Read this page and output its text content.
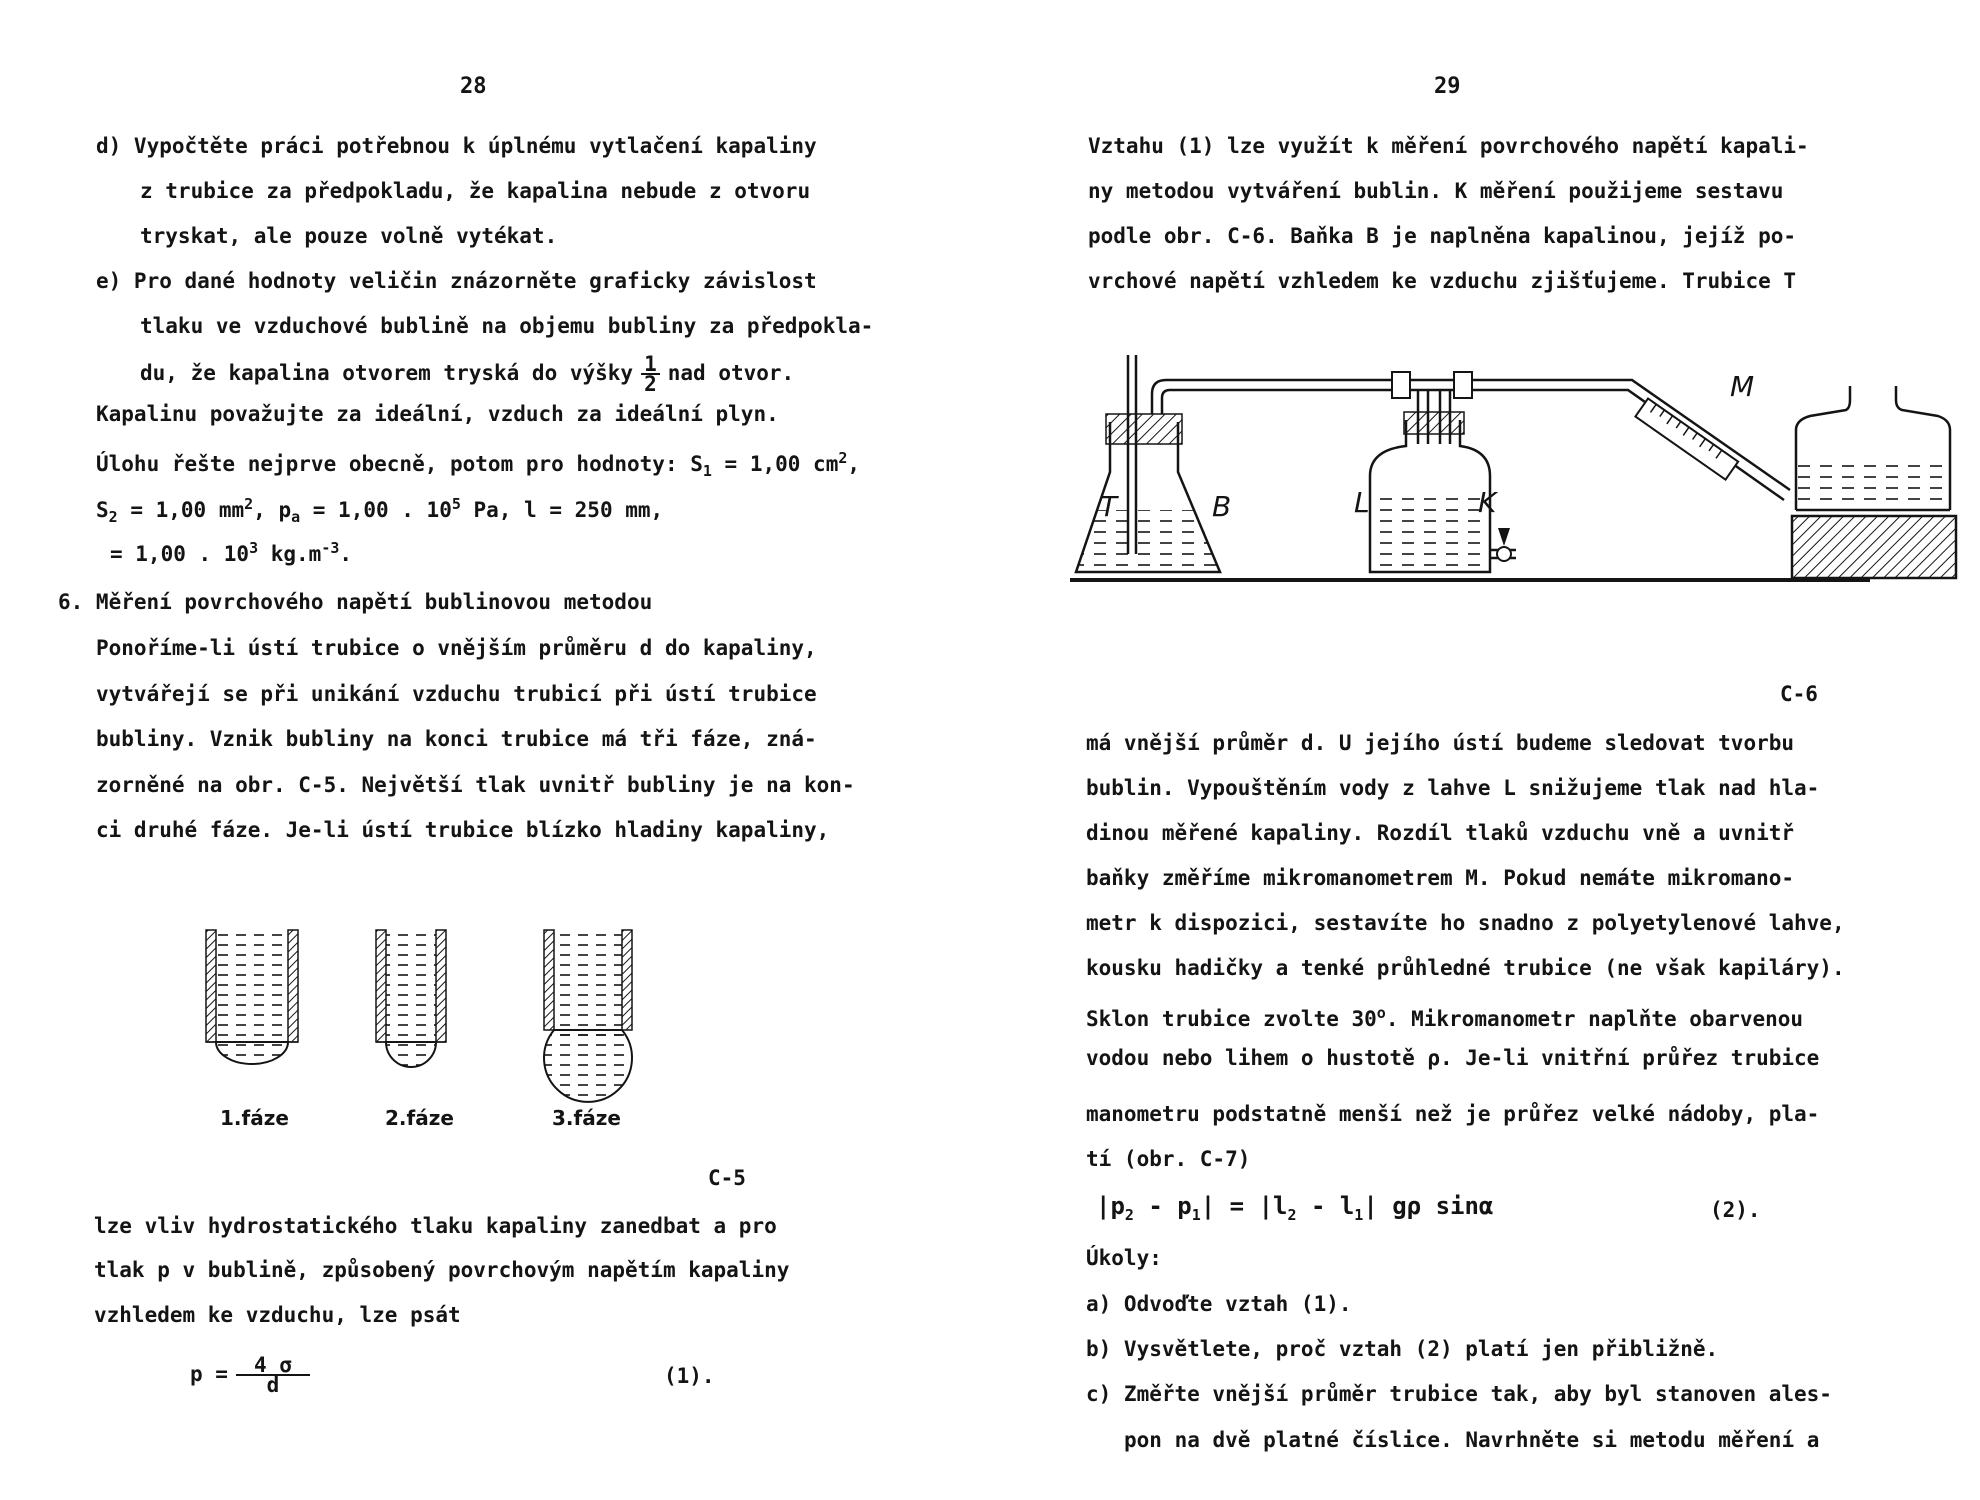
28
d) Vypočtěte práci potřebnou k úplnému vytlačení kapaliny
z trubice za předpokladu, že kapalina nebude z otvoru
tryskat, ale pouze volně vytékat.
e) Pro dané hodnoty veličin znázorněte graficky závislost
tlaku ve vzduchové bublině na objemu bubliny za předpokla-
du, že kapalina otvorem tryská do výšky $\frac{1}{2}$ nad otvor.
Kapalinu považujte za ideální, vzduch za ideální plyn.
Úlohu řešte nejprve obecně, potom pro hodnoty: $S_1 = 1,00$ $cm^2$,
$S_2 = 1,00$ $mm^2$, $p_a = 1,00$ . $10^5$ Pa, l = 250 mm,
= 1,00 . $10^3$ $kg.m^{-3}$.
6. Měření povrchového napětí bublinovou metodou
Ponoříme-li ústí trubice o vnějším průměru d do kapaliny,
vytvářejí se při unikání vzduchu trubicí při ústí trubice
bubliny. Vznik bubliny na konci trubice má tři fáze, zná-
zorněné na obr. C-5. Největší tlak uvnitř bubliny je na kon-
ci druhé fáze. Je-li ústí trubice blízko hladiny kapaliny,
1.fáze	2.fáze	3.fáze
C-5
lze vliv hydrostatického tlaku kapaliny zanedbat a pro
tlak p v bublině, způsobený povrchovým napětím kapaliny
vzhledem ke vzduchu, lze psát
$p = \frac{4 \sigma}{d}$	(1).
29
Vztahu (1) lze využít k měření povrchového napětí kapali-
ny metodou vytváření bublin. K měření použijeme sestavu
podle obr. C-6. Baňka B je naplněna kapalinou, jejíž po-
vrchové napětí vzhledem ke vzduchu zjišťujeme. Trubice T
T	B	L	K
M
C-6
má vnější průměr d. U jejího ústí budeme sledovat tvorbu
bublin. Vypouštěním vody z lahve L snižujeme tlak nad hla-
dinou měřené kapaliny. Rozdíl tlaků vzduchu vně a uvnitř
baňky změříme mikromanometrem M. Pokud nemáte mikromano-
metr k dispozici, sestavíte ho snadno z polyetylenové lahve,
kousku hadičky a tenké průhledné trubice (ne však kapiláry).
Sklon trubice zvolte 30$^o$. Mikromanometr naplňte obarvenou
vodou nebo lihem o hustotě ρ. Je-li vnitřní průřez trubice
manometru podstatně menší než je průřez velké nádoby, pla-
tí (obr. C-7)
$|p_2 - p_1| = |l_2 - l_1|$ gρ sinα	(2).
Úkoly:
a) Odvoďte vztah (1).
b) Vysvětlete, proč vztah (2) platí jen přibližně.
c) Změřte vnější průměr trubice tak, aby byl stanoven ales-
pon na dvě platné číslice. Navrhněte si metodu měření a
